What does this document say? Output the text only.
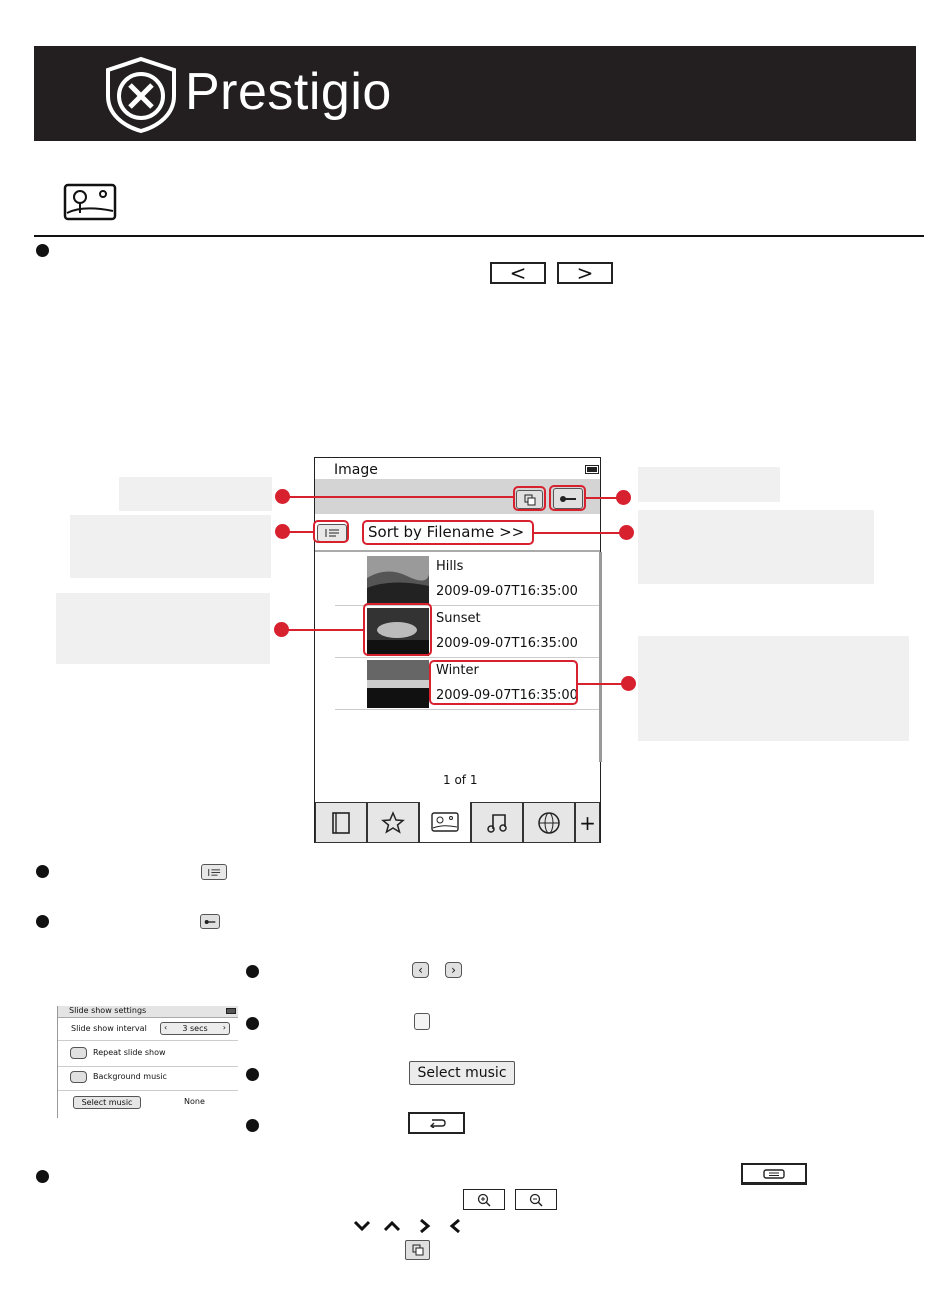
Prestigio
<	>
Image
Sort by Filename >>
Hills
2009-09-07T16:35:00
Sunset
2009-09-07T16:35:00
Winter
2009-09-07T16:35:00
1 of 1
+
Slide show settings
Slide show interval ‹ 3 secs ›
Repeat slide show
Background music
Select music	None
‹	›
Select music
